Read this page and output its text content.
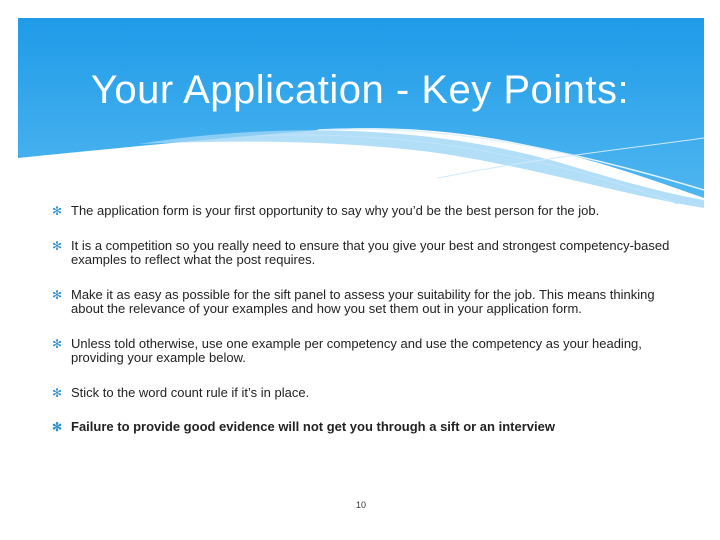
Your Application - Key Points:
✻ The application form is your first opportunity to say why you’d be the best person for the job.
✻ It is a competition so you really need to ensure that you give your best and strongest competency-based examples to reflect what the post requires.
✻ Make it as easy as possible for the sift panel to assess your suitability for the job. This means thinking about the relevance of your examples and how you set them out in your application form.
✻ Unless told otherwise, use one example per competency and use the competency as your heading, providing your example below.
✻ Stick to the word count rule if it’s in place.
✻ Failure to provide good evidence will not get you through a sift or an interview
10
